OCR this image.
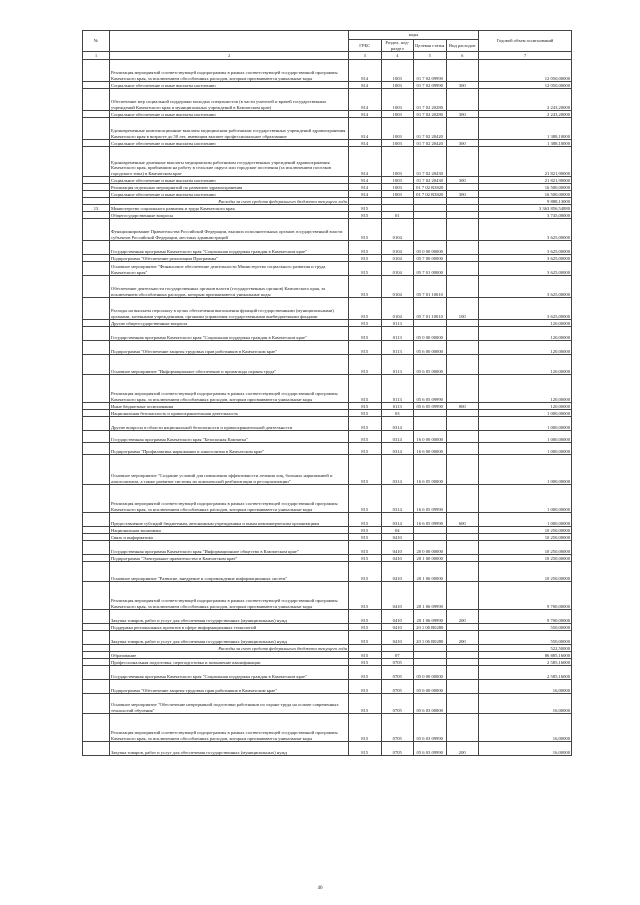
№		коды				Годовой объем ассигнований
		ГРБС	Раздел, под-раздел	Целевая статья	Вид расходов	
1	2	3	4	5	6	7
	Реализация мероприятий соответствующей подпрограммы в рамках соответствующей государственной программы Камчатского края, за исключением обособленных расходов, которым присваиваются уникальные коды	814	1003	01 7 02 09990		12 050,00000
	Социальное обеспечение и иные выплаты населению	814	1003	01 7 02 09990	300	12 050,00000
	Обеспечение мер социальной поддержки молодых специалистов (в части учителей и врачей государственных учреждений Камчатского края и муниципальных учреждений в Камчатском крае)	814	1003	01 7 02 20280		2 243,20000
	Социальное обеспечение и иные выплаты населению	814	1003	01 7 02 20280	300	2 243,20000
	Единовременные компенсационные выплаты медицинским работникам государственных учреждений здравоохранения Камчатского края в возрасте до 50 лет, имеющим высшее профессиональное образование	814	1003	01 7 02 20420		1 388,10000
	Социальное обеспечение и иные выплаты населению	814	1003	01 7 02 20420	300	1 388,10000
	Единовременные денежные выплаты медицинским работникам государственных учреждений здравоохранения Камчатского края, прибывшим на работу в сельские округа или городские поселения (за исключением поселков городского типа) в Камчатском крае	814	1003	01 7 02 20430		21 821,90000
	Социальное обеспечение и иные выплаты населению	814	1003	01 7 02 20430	300	21 821,90000
	Реализация отдельных мероприятий по развитию здравоохранения	814	1003	01 7 02 R3820		16 500,00000
	Социальное обеспечение и иные выплаты населению	814	1003	01 7 02 R3820	300	16 500,00000
	Расходы за счет средств федерального бюджета текущего года					9 888,13000
13	Министерство социального развития и труда Камчатского края	815				3 363 856,54880
	Общегосударственные вопросы	815	01			3 745,00000
	Функционирование Правительства Российской Федерации, высших исполнительных органов государственной власти субъектов Российской Федерации, местных администраций	815	0104			3 625,00000
	Государственная программа Камчатского края "Социальная поддержка граждан в Камчатском крае"	815	0104	05 0 00 00000		3 625,00000
	Подпрограмма "Обеспечение реализации Программы"	815	0104	05 7 00 00000		3 625,00000
	Основное мероприятие "Финансовое обеспечение деятельности Министерства социального развития и труда Камчатского края"	815	0104	05 7 01 00000		3 625,00000
	Обеспечение деятельности государственных органов власти (государственных органов) Камчатского края, за исключением обособленных расходов, которым присваиваются уникальные коды	815	0104	05 7 01 10010		3 625,00000
	Расходы на выплаты персоналу в целях обеспечения выполнения функций государственными (муниципальными) органами, казенными учреждениями, органами управления государственными внебюджетными фондами	815	0104	05 7 01 10010	100	3 625,00000
	Другие общегосударственные вопросы	815	0113			120,00000
	Государственная программа Камчатского края "Социальная поддержка граждан в Камчатском крае"	815	0113	05 0 00 00000		120,00000
	Подпрограмма "Обеспечение защиты трудовых прав работников в Камчатском крае"	815	0113	05 6 00 00000		120,00000
	Основное мероприятие "Информационное обеспечение и пропаганда охраны труда"	815	0113	05 6 05 00000		120,00000
	Реализация мероприятий соответствующей подпрограммы в рамках соответствующей государственной программы Камчатского края, за исключением обособленных расходов, которым присваиваются уникальные коды	815	0113	05 6 05 09990		120,00000
	Иные бюджетные ассигнования	815	0113	05 6 05 09990	800	120,00000
	Национальная безопасность и правоохранительная деятельность	815	03			1 000,00000
	Другие вопросы в области национальной безопасности и правоохранительной деятельности	815	0314			1 000,00000
	Государственная программа Камчатского края "Безопасная Камчатка"	815	0314	16 0 00 00000		1 000,00000
	Подпрограмма "Профилактика наркомании и алкоголизма в Камчатском крае"	815	0314	16 6 00 00000		1 000,00000
	Основное мероприятие "Создание условий для повышения эффективности лечения лиц, больных наркоманией и алкоголизмом, а также развитие системы их комплексной реабилитации и ресоциализации"	815	0314	16 6 05 00000		1 000,00000
	Реализация мероприятий соответствующей подпрограммы в рамках соответствующей государственной программы Камчатского края, за исключением обособленных расходов, которым присваиваются уникальные коды	815	0314	16 6 05 09990		1 000,00000
	Предоставление субсидий бюджетным, автономным учреждениям и иным некоммерческим организациям	815	0314	16 6 05 09990	600	1 000,00000
	Национальная экономика	815	04			10 250,00000
	Связь и информатика	815	0410			10 250,00000
	Государственная программа Камчатского края "Информационное общество в Камчатском крае"	815	0410	20 0 00 00000		10 250,00000
	Подпрограмма "Электронное правительство в Камчатском крае"	815	0410	20 1 00 00000		10 250,00000
	Основное мероприятие "Развитие, внедрение и сопровождение информационных систем"	815	0410	20 1 06 00000		10 250,00000
	Реализация мероприятий соответствующей подпрограммы в рамках соответствующей государственной программы Камчатского края, за исключением обособленных расходов, которым присваиваются уникальные коды	815	0410	20 1 06 09990		9 700,00000
	Закупка товаров, работ и услуг для обеспечения государственных (муниципальных) нужд	815	0410	20 1 06 09990	200	9 700,00000
	Поддержка региональных проектов в сфере информационных технологий	815	0410	20 1 06 R0280		550,00000
	Закупка товаров, работ и услуг для обеспечения государственных (муниципальных) нужд	815	0410	20 1 06 R0280	200	550,00000
	Расходы за счет средств федерального бюджета текущего года					522,50000
	Образование	815	07			86 885,16000
	Профессиональная подготовка, переподготовка и повышение квалификации	815	0705			2 585,16000
	Государственная программа Камчатского края "Социальная поддержка граждан в Камчатском крае"	815	0705	05 0 00 00000		2 585,16000
	Подпрограмма "Обеспечение защиты трудовых прав работников в Камчатском крае"	815	0705	05 6 00 00000		16,00000
	Основное мероприятие "Обеспечение непрерывной подготовки работников по охране труда на основе современных технологий обучения"	815	0705	05 6 03 00000		16,00000
	Реализация мероприятий соответствующей подпрограммы в рамках соответствующей государственной программы Камчатского края, за исключением обособленных расходов, которым присваиваются уникальные коды	815	0705	05 6 03 09990		16,00000
	Закупка товаров, работ и услуг для обеспечения государственных (муниципальных) нужд	815	0705	05 6 03 09990	200	16,00000
40
